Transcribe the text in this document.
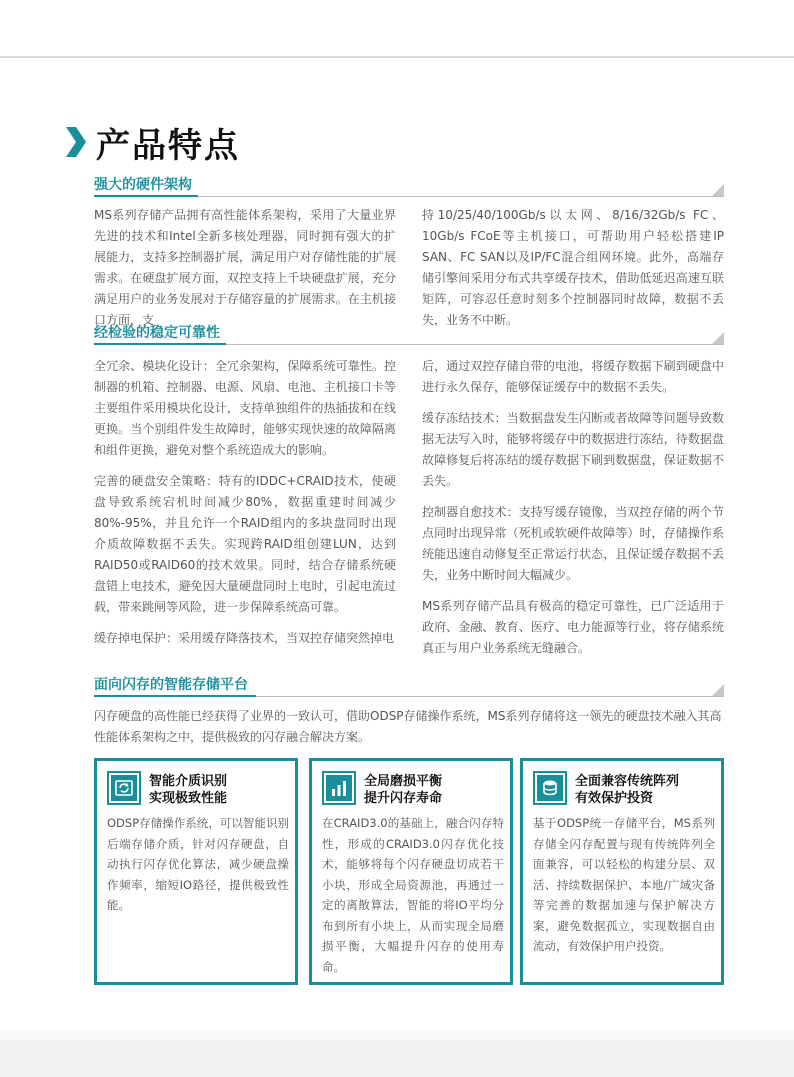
产品特点
强大的硬件架构

MS系列存储产品拥有高性能体系架构，采用了大量业界先进的技术和Intel全新多核处理器，同时拥有强大的扩展能力，支持多控制器扩展，满足用户对存储性能的扩展需求。在硬盘扩展方面，双控支持上千块硬盘扩展，充分满足用户的业务发展对于存储容量的扩展需求。在主机接口方面，支

持10/25/40/100Gb/s以太网、8/16/32Gb/s FC、10Gb/s FCoE等主机接口，可帮助用户轻松搭建IP SAN、FC SAN以及IP/FC混合组网环境。此外，高端存储引擎间采用分布式共享缓存技术，借助低延迟高速互联矩阵，可容忍任意时刻多个控制器同时故障，数据不丢失，业务不中断。

经检验的稳定可靠性

全冗余、模块化设计：全冗余架构，保障系统可靠性。控制器的机箱、控制器、电源、风扇、电池、主机接口卡等主要组件采用模块化设计，支持单独组件的热插拔和在线更换。当个别组件发生故障时，能够实现快速的故障隔离和组件更换，避免对整个系统造成大的影响。

完善的硬盘安全策略：特有的IDDC+CRAID技术，使硬盘导致系统宕机时间减少80%，数据重建时间减少80%-95%，并且允许一个RAID组内的多块盘同时出现介质故障数据不丢失。实现跨RAID组创建LUN，达到RAID50或RAID60的技术效果。同时，结合存储系统硬盘错上电技术，避免因大量硬盘同时上电时，引起电流过载，带来跳闸等风险，进一步保障系统高可靠。

缓存掉电保护：采用缓存降落技术，当双控存储突然掉电

后，通过双控存储自带的电池，将缓存数据下刷到硬盘中进行永久保存，能够保证缓存中的数据不丢失。

缓存冻结技术：当数据盘发生闪断或者故障等问题导致数据无法写入时，能够将缓存中的数据进行冻结，待数据盘故障修复后将冻结的缓存数据下刷到数据盘，保证数据不丢失。

控制器自愈技术：支持写缓存镜像，当双控存储的两个节点同时出现异常（死机或软硬件故障等）时，存储操作系统能迅速自动修复至正常运行状态，且保证缓存数据不丢失，业务中断时间大幅减少。

MS系列存储产品具有极高的稳定可靠性，已广泛适用于政府、金融、教育、医疗、电力能源等行业，将存储系统真正与用户业务系统无缝融合。

面向闪存的智能存储平台
闪存硬盘的高性能已经获得了业界的一致认可，借助ODSP存储操作系统，MS系列存储将这一领先的硬盘技术融入其高性能体系架构之中，提供极致的闪存融合解决方案。
智能介质识别
实现极致性能
ODSP存储操作系统，可以智能识别后端存储介质，针对闪存硬盘，自动执行闪存优化算法，减少硬盘操作频率，缩短IO路径，提供极致性能。
全局磨损平衡
提升闪存寿命
在CRAID3.0的基础上，融合闪存特性，形成的CRAID3.0闪存优化技术，能够将每个闪存硬盘切成若干小块，形成全局资源池，再通过一定的离散算法，智能的将IO平均分布到所有小块上，从而实现全局磨损平衡，大幅提升闪存的使用寿命。
全面兼容传统阵列
有效保护投资
基于ODSP统一存储平台，MS系列存储全闪存配置与现有传统阵列全面兼容，可以轻松的构建分层、双活、持续数据保护、本地/广域灾备等完善的数据加速与保护解决方案，避免数据孤立，实现数据自由流动，有效保护用户投资。
